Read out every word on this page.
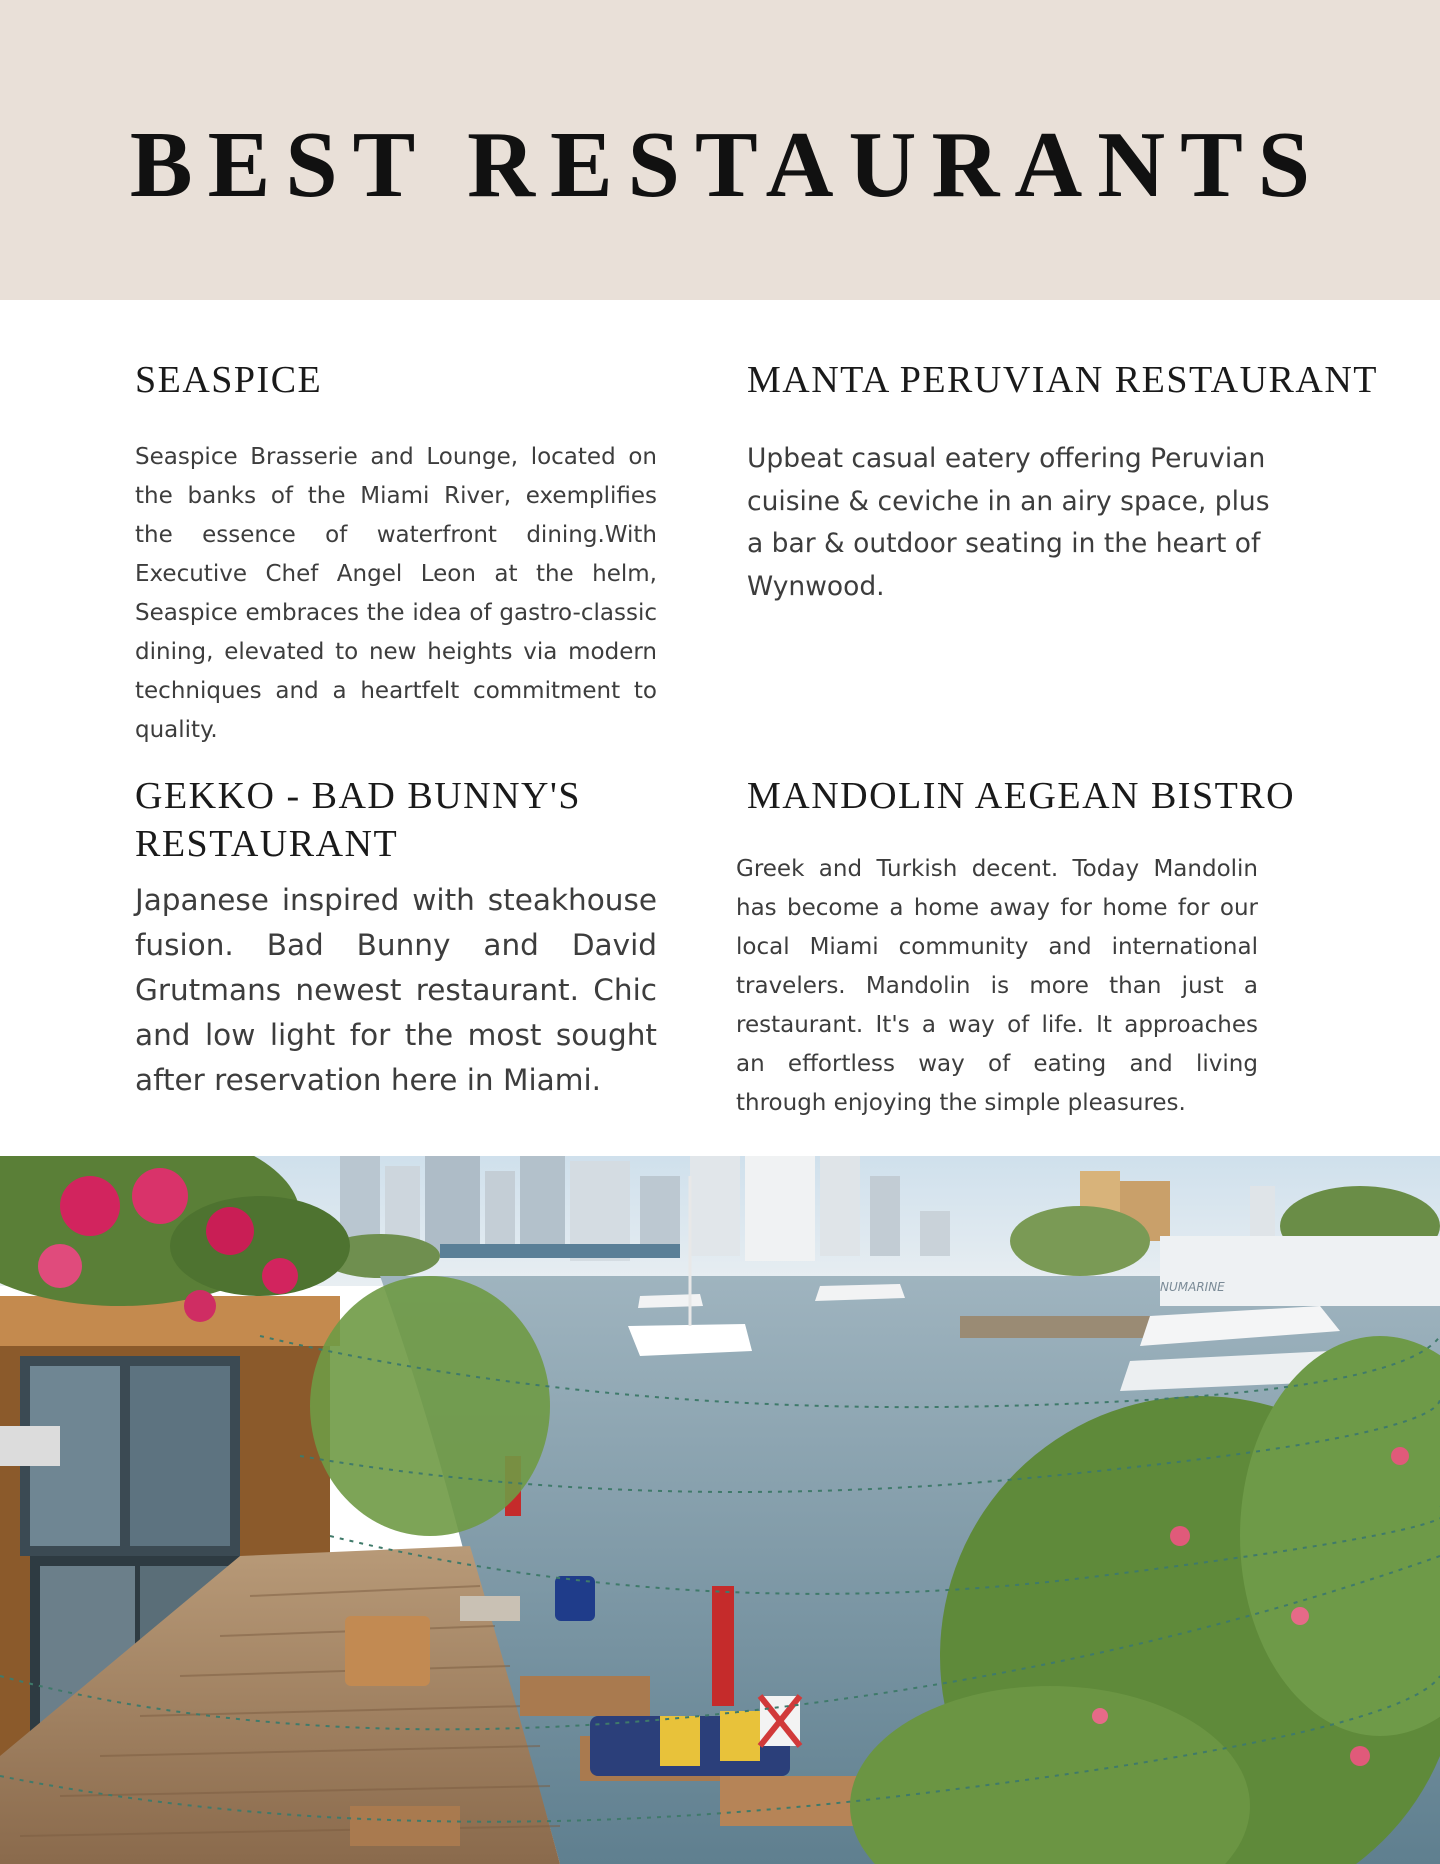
BEST RESTAURANTS
SEASPICE

Seaspice Brasserie and Lounge, located on the banks of the Miami River, exemplifies the essence of waterfront dining.With Executive Chef Angel Leon at the helm, Seaspice embraces the idea of gastro-classic dining, elevated to new heights via modern techniques and a heartfelt commitment to quality.

MANTA PERUVIAN RESTAURANT

Upbeat casual eatery offering Peruvian cuisine & ceviche in an airy space, plus a bar & outdoor seating in the heart of Wynwood.

GEKKO - BAD BUNNY'S RESTAURANT

Japanese inspired with steakhouse fusion. Bad Bunny and David Grutmans newest restaurant. Chic and low light for the most sought after reservation here in Miami.

MANDOLIN AEGEAN BISTRO

Greek and Turkish decent. Today Mandolin has become a home away for home for our local Miami community and international travelers. Mandolin is more than just a restaurant. It's a way of life. It approaches an effortless way of eating and living through enjoying the simple pleasures.

NUMARINE
